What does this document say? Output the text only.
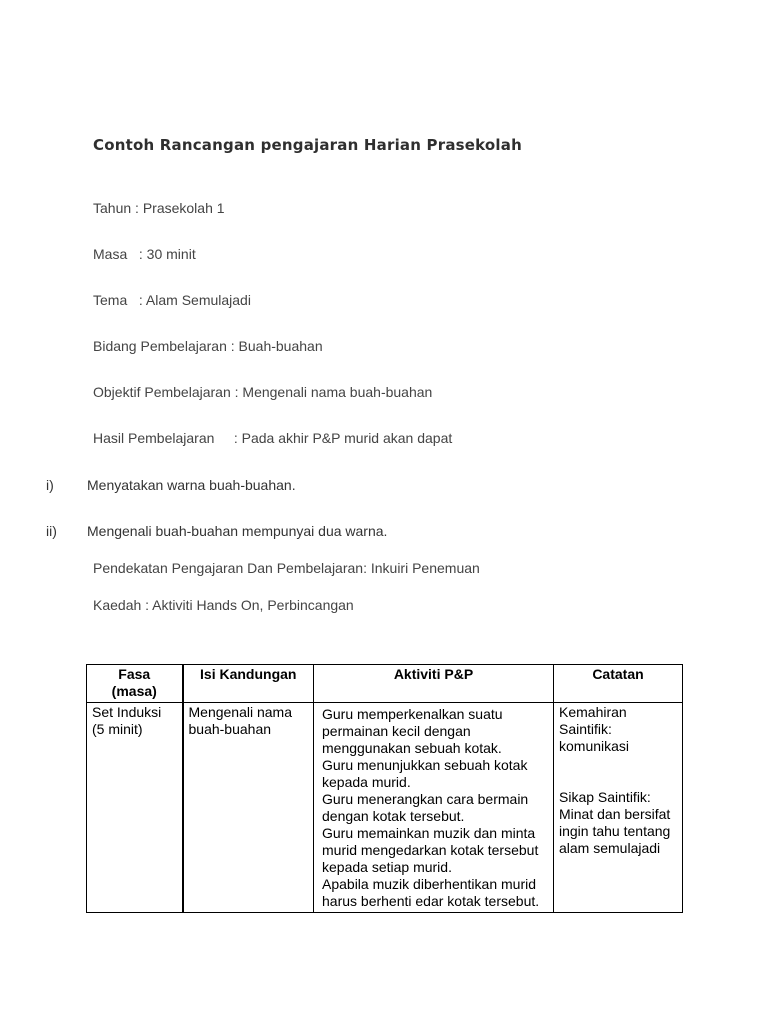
Contoh Rancangan pengajaran Harian Prasekolah
Tahun : Prasekolah 1
Masa   : 30 minit
Tema   : Alam Semulajadi
Bidang Pembelajaran : Buah-buahan
Objektif Pembelajaran : Mengenali nama buah-buahan
Hasil Pembelajaran     : Pada akhir P&P murid akan dapat
i) Menyatakan warna buah-buahan.
ii) Mengenali buah-buahan mempunyai dua warna.
Pendekatan Pengajaran Dan Pembelajaran: Inkuiri Penemuan
Kaedah : Aktiviti Hands On, Perbincangan
Fasa
(masa)	Isi Kandungan	Aktiviti P&P	Catatan
Set Induksi (5 minit)	Mengenali nama buah-buahan	Guru memperkenalkan suatu permainan kecil dengan menggunakan sebuah kotak.
Guru menunjukkan sebuah kotak kepada murid.
Guru menerangkan cara bermain dengan kotak tersebut.
Guru memainkan muzik dan minta murid mengedarkan kotak tersebut kepada setiap murid.
Apabila muzik diberhentikan murid harus berhenti edar kotak tersebut.	Kemahiran Saintifik: komunikasi
Sikap Saintifik: Minat dan bersifat ingin tahu tentang alam semulajadi
